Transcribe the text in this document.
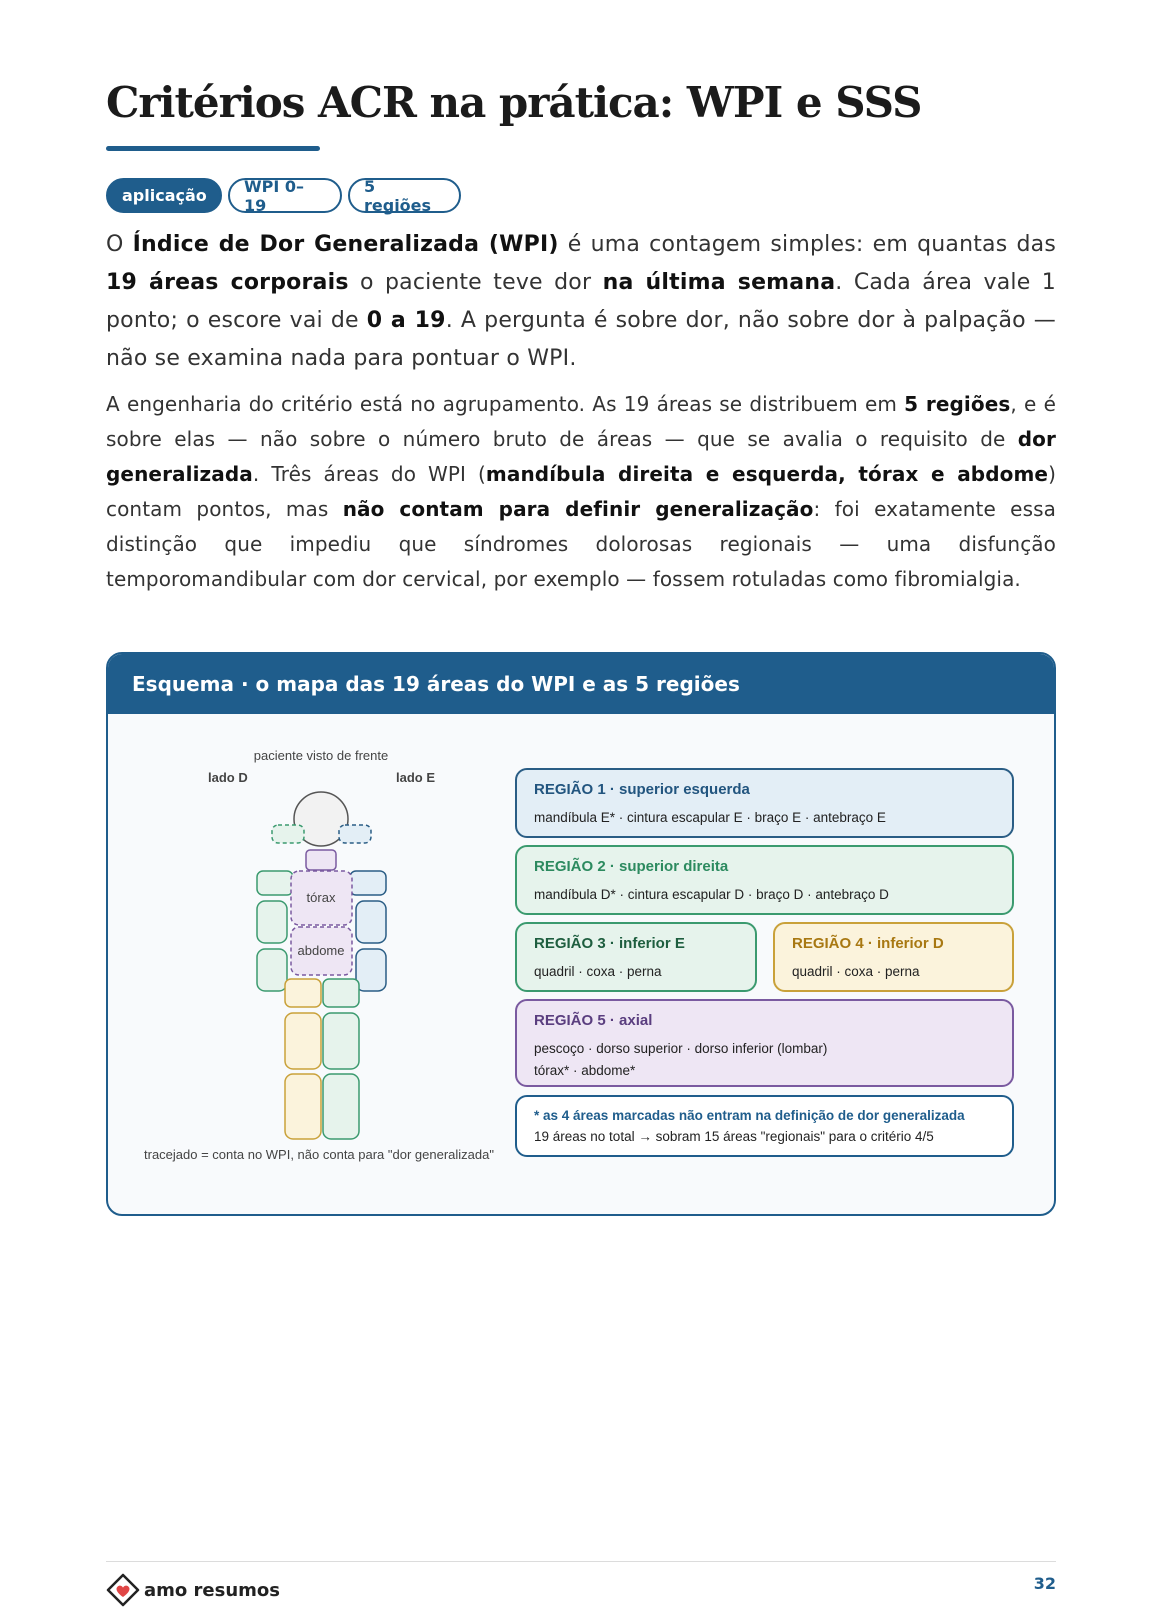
Critérios ACR na prática: WPI e SSS
aplicação	WPI 0–19
5 regiões

O Índice de Dor Generalizada (WPI) é uma contagem simples: em quantas das 19 áreas corporais o paciente teve dor na última semana. Cada área vale 1 ponto; o escore vai de 0 a 19. A pergunta é sobre dor, não sobre dor à palpação — não se examina nada para pontuar o WPI.

A engenharia do critério está no agrupamento. As 19 áreas se distribuem em 5 regiões, e é sobre elas — não sobre o número bruto de áreas — que se avalia o requisito de dor generalizada. Três áreas do WPI (mandíbula direita e esquerda, tórax e abdome) contam pontos, mas não contam para definir generalização: foi exatamente essa distinção que impediu que síndromes dolorosas regionais — uma disfunção temporomandibular com dor cervical, por exemplo — fossem rotuladas como fibromialgia.

Esquema · o mapa das 19 áreas do WPI e as 5 regiões
paciente visto de frente
lado D	lado E
tórax
abdome
tracejado = conta no WPI, não conta para "dor generalizada"
REGIÃO 1 · superior esquerda
mandíbula E* · cintura escapular E · braço E · antebraço E
REGIÃO 2 · superior direita
mandíbula D* · cintura escapular D · braço D · antebraço D
REGIÃO 3 · inferior E
quadril · coxa · perna
REGIÃO 4 · inferior D
quadril · coxa · perna
REGIÃO 5 · axial
pescoço · dorso superior · dorso inferior (lombar)
tórax* · abdome*
* as 4 áreas marcadas não entram na definição de dor generalizada
19 áreas no total → sobram 15 áreas "regionais" para o critério 4/5
amo resumos	32
